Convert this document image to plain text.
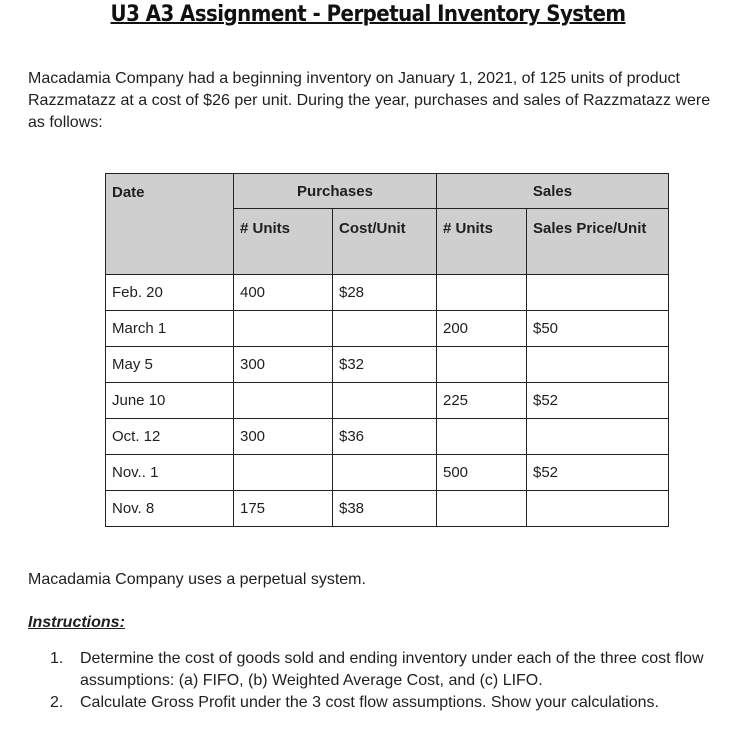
U3 A3 Assignment - Perpetual Inventory System
Macadamia Company had a beginning inventory on January 1, 2021, of 125 units of product Razzmatazz at a cost of $26 per unit. During the year, purchases and sales of Razzmatazz were as follows:
Date	Purchases		Sales	
	# Units	Cost/Unit	# Units	Sales Price/Unit
Feb. 20	400	$28		
March 1			200	$50
May 5	300	$32		
June 10			225	$52
Oct. 12	300	$36		
Nov.. 1			500	$52
Nov. 8	175	$38		
Macadamia Company uses a perpetual system.
Instructions:
1. Determine the cost of goods sold and ending inventory under each of the three cost flow assumptions: (a) FIFO, (b) Weighted Average Cost, and (c) LIFO.
2. Calculate Gross Profit under the 3 cost flow assumptions. Show your calculations.
